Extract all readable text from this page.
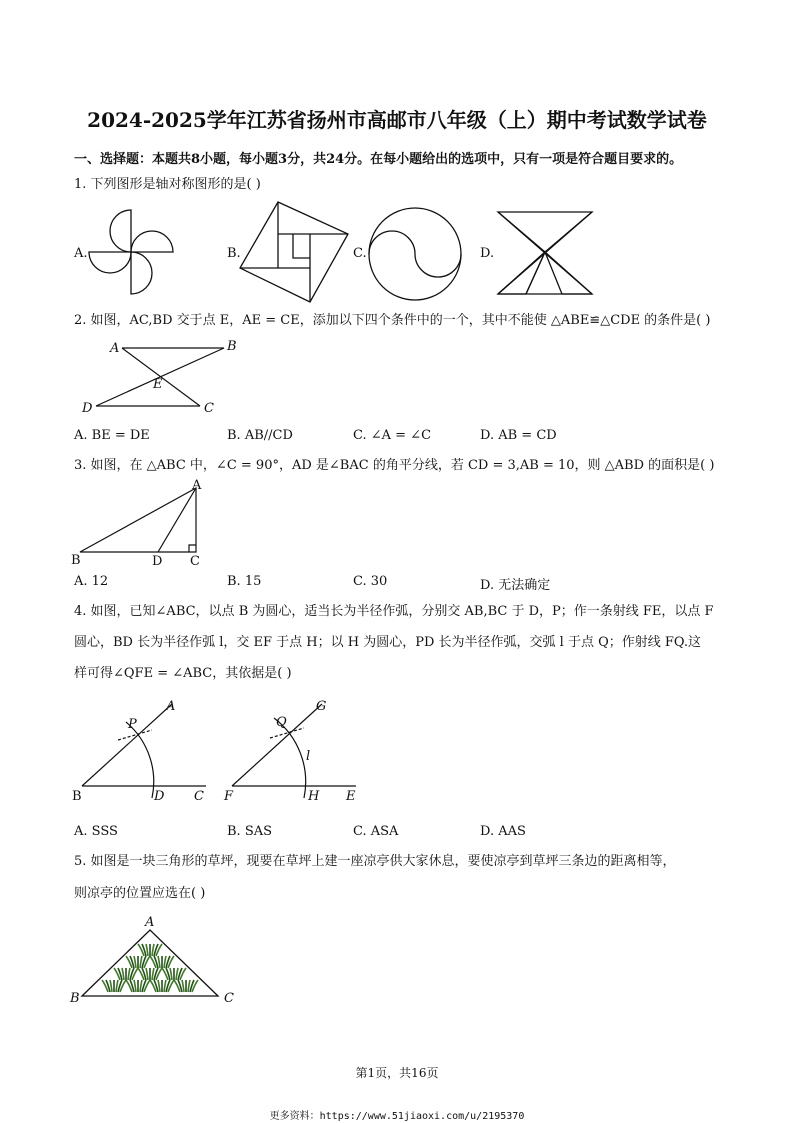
2024-2025学年江苏省扬州市高邮市八年级（上）期中考试数学试卷
一、选择题：本题共8小题，每小题3分，共24分。在每小题给出的选项中，只有一项是符合题目要求的。
1. 下列图形是轴对称图形的是( )
A.	B.	C.	D.
2. 如图，AC,BD 交于点 E，AE = CE，添加以下四个条件中的一个，其中不能使 △ABE≌△CDE 的条件是( )
A	B
E
D	C
A. BE = DE	B. AB//CD	C. ∠A = ∠C	D. AB = CD
3. 如图，在 △ABC 中，∠C = 90°，AD 是∠BAC 的角平分线，若 CD = 3,AB = 10，则 △ABD 的面积是( )
A
B	D C
A. 12	B. 15	C. 30	D. 无法确定
4. 如图，已知∠ABC，以点 B 为圆心，适当长为半径作弧，分别交 AB,BC 于 D，P；作一条射线 FE，以点 F
圆心，BD 长为半径作弧 l，交 EF 于点 H；以 H 为圆心，PD 长为半径作弧，交弧 l 于点 Q；作射线 FQ.这
样可得∠QFE = ∠ABC，其依据是( )
A
P
B	D C
G
Q
l
F	H E
A. SSS	B. SAS	C. ASA	D. AAS
5. 如图是一块三角形的草坪，现要在草坪上建一座凉亭供大家休息，要使凉亭到草坪三条边的距离相等，
则凉亭的位置应选在( )
A
B	C
第1页，共16页
更多资料：https://www.51jiaoxi.com/u/2195370
